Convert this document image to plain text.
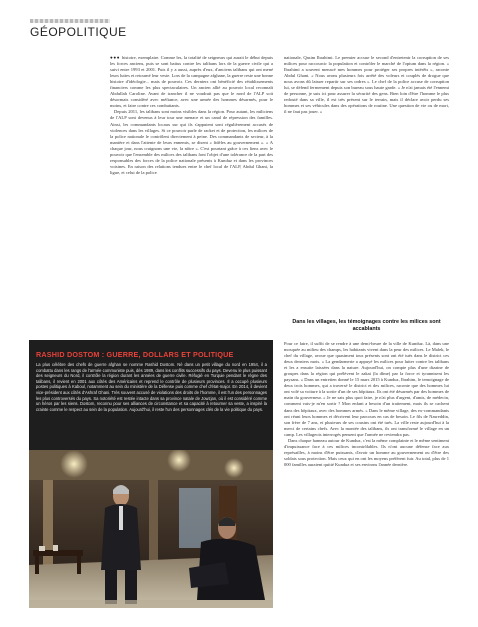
GÉOPOLITIQUE

●●● histoire, exemplaire. Comme les, la totalité de seigneurs qui aurait le début depuis les forces anciens, puis se sont battus contre les talibans lors de la guerre civile qui a suivi entre 1993 et 2001. Puis il y a aussi, auprès d'eux, d'anciens talibans qui ont mené leurs luttes et retourné leur veste. Lors de la campagne afghane, la guerre reste une bonne histoire d'idéologie... mais de pouvoir. Ces derniers ont bénéficié des rétablissements financiers comme les plus spectaculaires. Un ancien allié au pouvoir local reconnaît Abdullah Caroline. Avant de trancher il ne voudrait pas que le nord de l'ALP soit désormais considéré avec méfiance, avec une armée des hommes désarmés, pour le moins, et faire contre ces combattants.

Depuis 2011, les talibans sont moins visibles dans la région. Pour autant, les miliciens de l'ALP sont devenus à leur tour une menace et un canal de répression des familles. Ainsi, les commandants locaux sur qui ils s'appuient sont régulièrement accusés de violences dans les villages. Si ce pouvoir parle de racket et de protection, les milices de la police nationale le contrôlent directement à peine. Des commandants de secteur, à la manière et dans l'attente de leurs ennemis, se disent « fidèles au gouvernement ». « A chaque jour, nous craignons une vie, la nôtre ». C'est pourtant grâce à ces liens avec le pouvoir que l'ensemble des milices des talibans font l'objet d'une tolérance de la part des responsables des forces de la police nationale présents à Kunduz et dans les provinces voisines. En raison des relations tendues entre le chef local de l'ALP, Abdul Ghani, la ligue, et celui de la police

nationale, Qasim Ibrahimi. Le premier accuse le second d'entretenir la corruption de ses milices pour raccourcir la population et contrôler le marché de l'opium dans la région. « Ibrahimi a souvent menacé mes hommes pour protéger ses propres intérêts », raconte Abdul Ghani. « Nous avons plusieurs fois arrêté des voleurs et couplés de drogue que nous avons dû laisser repartir sur ses ordres ». Le chef de la police accuse de corruption lui, se défend fermement depuis son bureau sous haute garde. « Je n'ai jamais été l'ennemi de personne, je suis ici pour assurer la sécurité des gens. Bien loin d'être l'homme le plus redouté dans sa ville, il est très présent sur le terrain, mais il déclare avoir perdu ses hommes et ses véhicules dans des opérations de routine. Une question de vie ou de mort, il ne faut pas jouer. »

Dans les villages, les témoignages contre les milices sont accablants

Pour ce faire, il suffit de se rendre à une demi-heure de la ville de Kunduz. Là, dans une mosquée au milieu des champs, les habitants vivent dans la peur des milices. Le Malek, le chef du village, avoue que quasiment tous présents sont ont été tués dans le district ces deux derniers mois. « La gendarmerie a appuyé les milices pour lutter contre les talibans et les a ensuite laissées dans la nature. Aujourd'hui, on compte plus d'une dizaine de groupes dans la région qui prélèvent le zakat (la dîme) par la force et tyrannisent les paysans. » Dans un entretien donné le 15 mars 2015 à Kunduz, Ibrahim, le temoignage de deux trois hommes, qui a traversé le district et des milices, raconte que des hommes lui ont volé sa voiture à la sortie d'un de ses hôpitaux. Ils ont été désarmés par des hommes de main du gouverneur. « Je ne sais plus quoi faire, je n'ai plus d'argent, d'amis, de médecin, comment vais-je m'en sortir ? Mon enfant a besoin d'un traitement, mais ils se cachent dans des hôpitaux, avec des hommes armés. » Dans le même village, des ex-commandants ont réuni leurs hommes et décrivent leur parcours en cas de besoin. Le fils de Nasreddin, son frère de 7 ans, et plusieurs de ses cousins ont été tués. La ville reste aujourd'hui à la merci de certains chefs. Avec la montée des talibans, ils ont transformé le village en un camp. Les villageois interrogés pensent que l'armée ne reviendra pas.

Dans chaque hameau autour de Kunduz, c'est la même complainte et le même sentiment d'impuissance face à ces milices incontrôlables. Ils n'ont aucune défense face aux représailles, à moins d'être puissants, d'avoir un homme au gouvernement ou d'être des soldats sous protection. Mais ceux qui en ont les moyens préfèrent fuir. Au total, plus de 1 000 familles auraient quitté Kunduz et ses environs l'année dernière.

RASHID DOSTOM : GUERRE, DOLLARS ET POLITIQUE
La plus célèbre des chefs de guerre afghan se nomme Rashid Dostom. Né dans un petit village du nord en 1954, il a combattu dans les rangs de l'armée communiste puis, dès 1989, dans les conflits successifs du pays. Devenu le plus puissant des seigneurs du Nord, il contrôle la région durant les années de guerre civile. Réfugié en Turquie pendant le règne des talibans, il revient en 2001 aux côtés des Américains et reprend le contrôle de plusieurs provinces. Il a occupé plusieurs postes politiques à Kaboul, notamment au sein du ministère de la Défense puis comme chef d'état-major. En 2014, il devient vice-président aux côtés d'Ashraf Ghani. Très souvent accusé de violations des droits de l'homme, il est l'un des personnages les plus controversés du pays. Sa notoriété est restée intacte dans sa province natale de Jowzjan, où il est considéré comme un héros par les siens. Dostom, reconnu pour ses alliances de circonstance et sa capacité à retourner sa veste, a inspiré la crainte comme le respect au sein de la population. Aujourd'hui, il reste l'un des personnages clés de la vie politique du pays.
